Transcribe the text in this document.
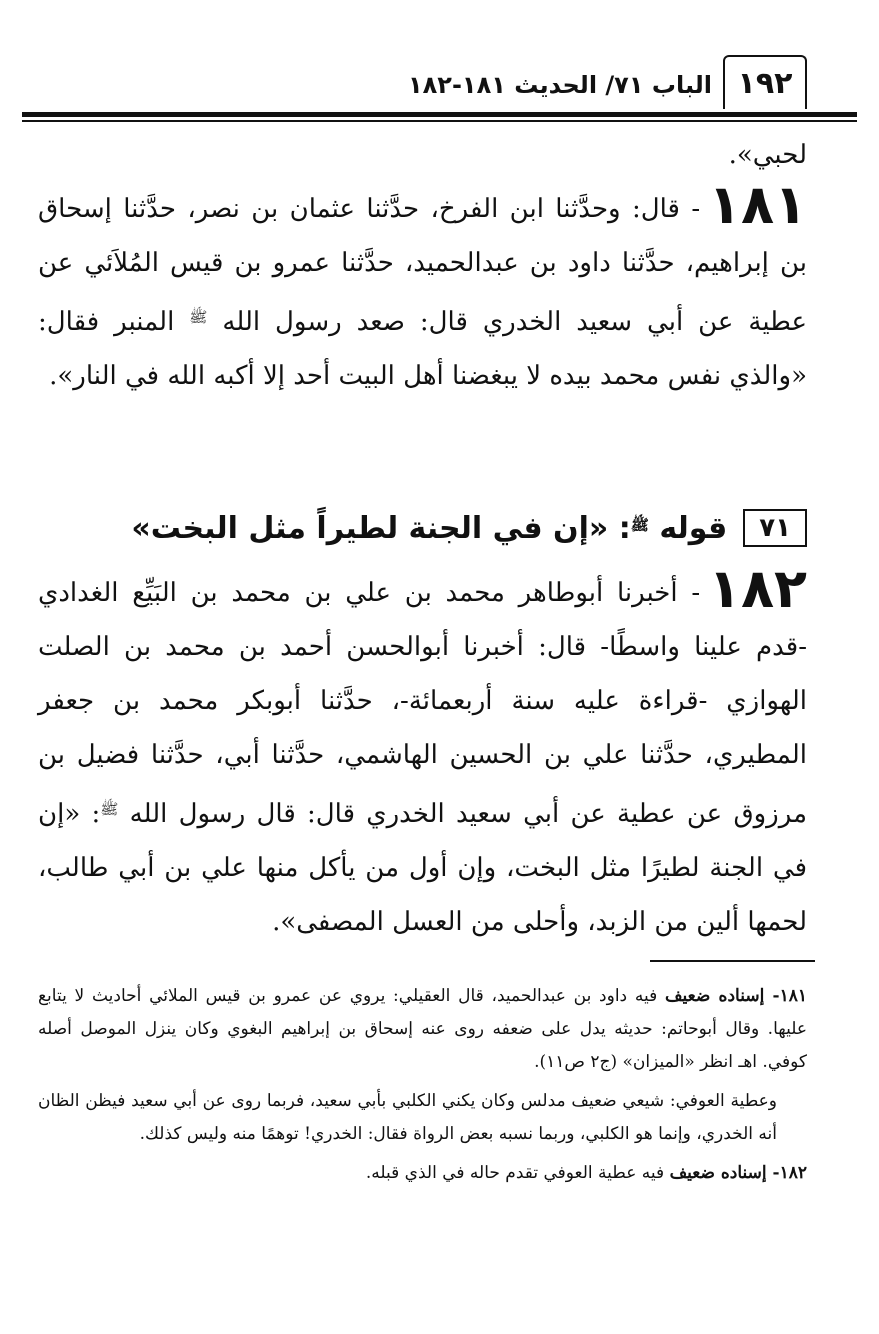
١٩٢
الباب ٧١/ الحديث ١٨١-١٨٢
لحبي».
١٨١- قال: وحدَّثنا ابن الفرخ، حدَّثنا عثمان بن نصر، حدَّثنا إسحاق بن إبراهيم، حدَّثنا داود بن عبدالحميد، حدَّثنا عمرو بن قيس المُلاَئي عن عطية عن أبي سعيد الخدري قال: صعد رسول الله $^ﷺ$ المنبر فقال: «والذي نفس محمد بيده لا يبغضنا أهل البيت أحد إلا أكبه الله في النار».
٧١
قوله $^ﷺ$: «إن في الجنة لطيراً مثل البخت»
١٨٢- أخبرنا أبوطاهر محمد بن علي بن محمد بن البَيِّع الغدادي -قدم علينا واسطًا- قال: أخبرنا أبوالحسن أحمد بن محمد بن الصلت الهوازي -قراءة عليه سنة أربعمائة-، حدَّثنا أبوبكر محمد بن جعفر المطيري، حدَّثنا علي بن الحسين الهاشمي، حدَّثنا أبي، حدَّثنا فضيل بن مرزوق عن عطية عن أبي سعيد الخدري قال: قال رسول الله $^ﷺ$: «إن في الجنة لطيرًا مثل البخت، وإن أول من يأكل منها علي بن أبي طالب، لحمها ألين من الزبد، وأحلى من العسل المصفى».

١٨١- إسناده ضعيف فيه داود بن عبدالحميد، قال العقيلي: يروي عن عمرو بن قيس الملائي أحاديث لا يتابع عليها. وقال أبوحاتم: حديثه يدل على ضعفه روى عنه إسحاق بن إبراهيم البغوي وكان ينزل الموصل أصله كوفي. اهـ انظر «الميزان» (ج٢ ص١١).

وعطية العوفي: شيعي ضعيف مدلس وكان يكني الكلبي بأبي سعيد، فربما روى عن أبي سعيد فيظن الظان أنه الخدري، وإنما هو الكلبي، وربما نسبه بعض الرواة فقال: الخدري! توهمًا منه وليس كذلك.

١٨٢- إسناده ضعيف فيه عطية العوفي تقدم حاله في الذي قبله.
